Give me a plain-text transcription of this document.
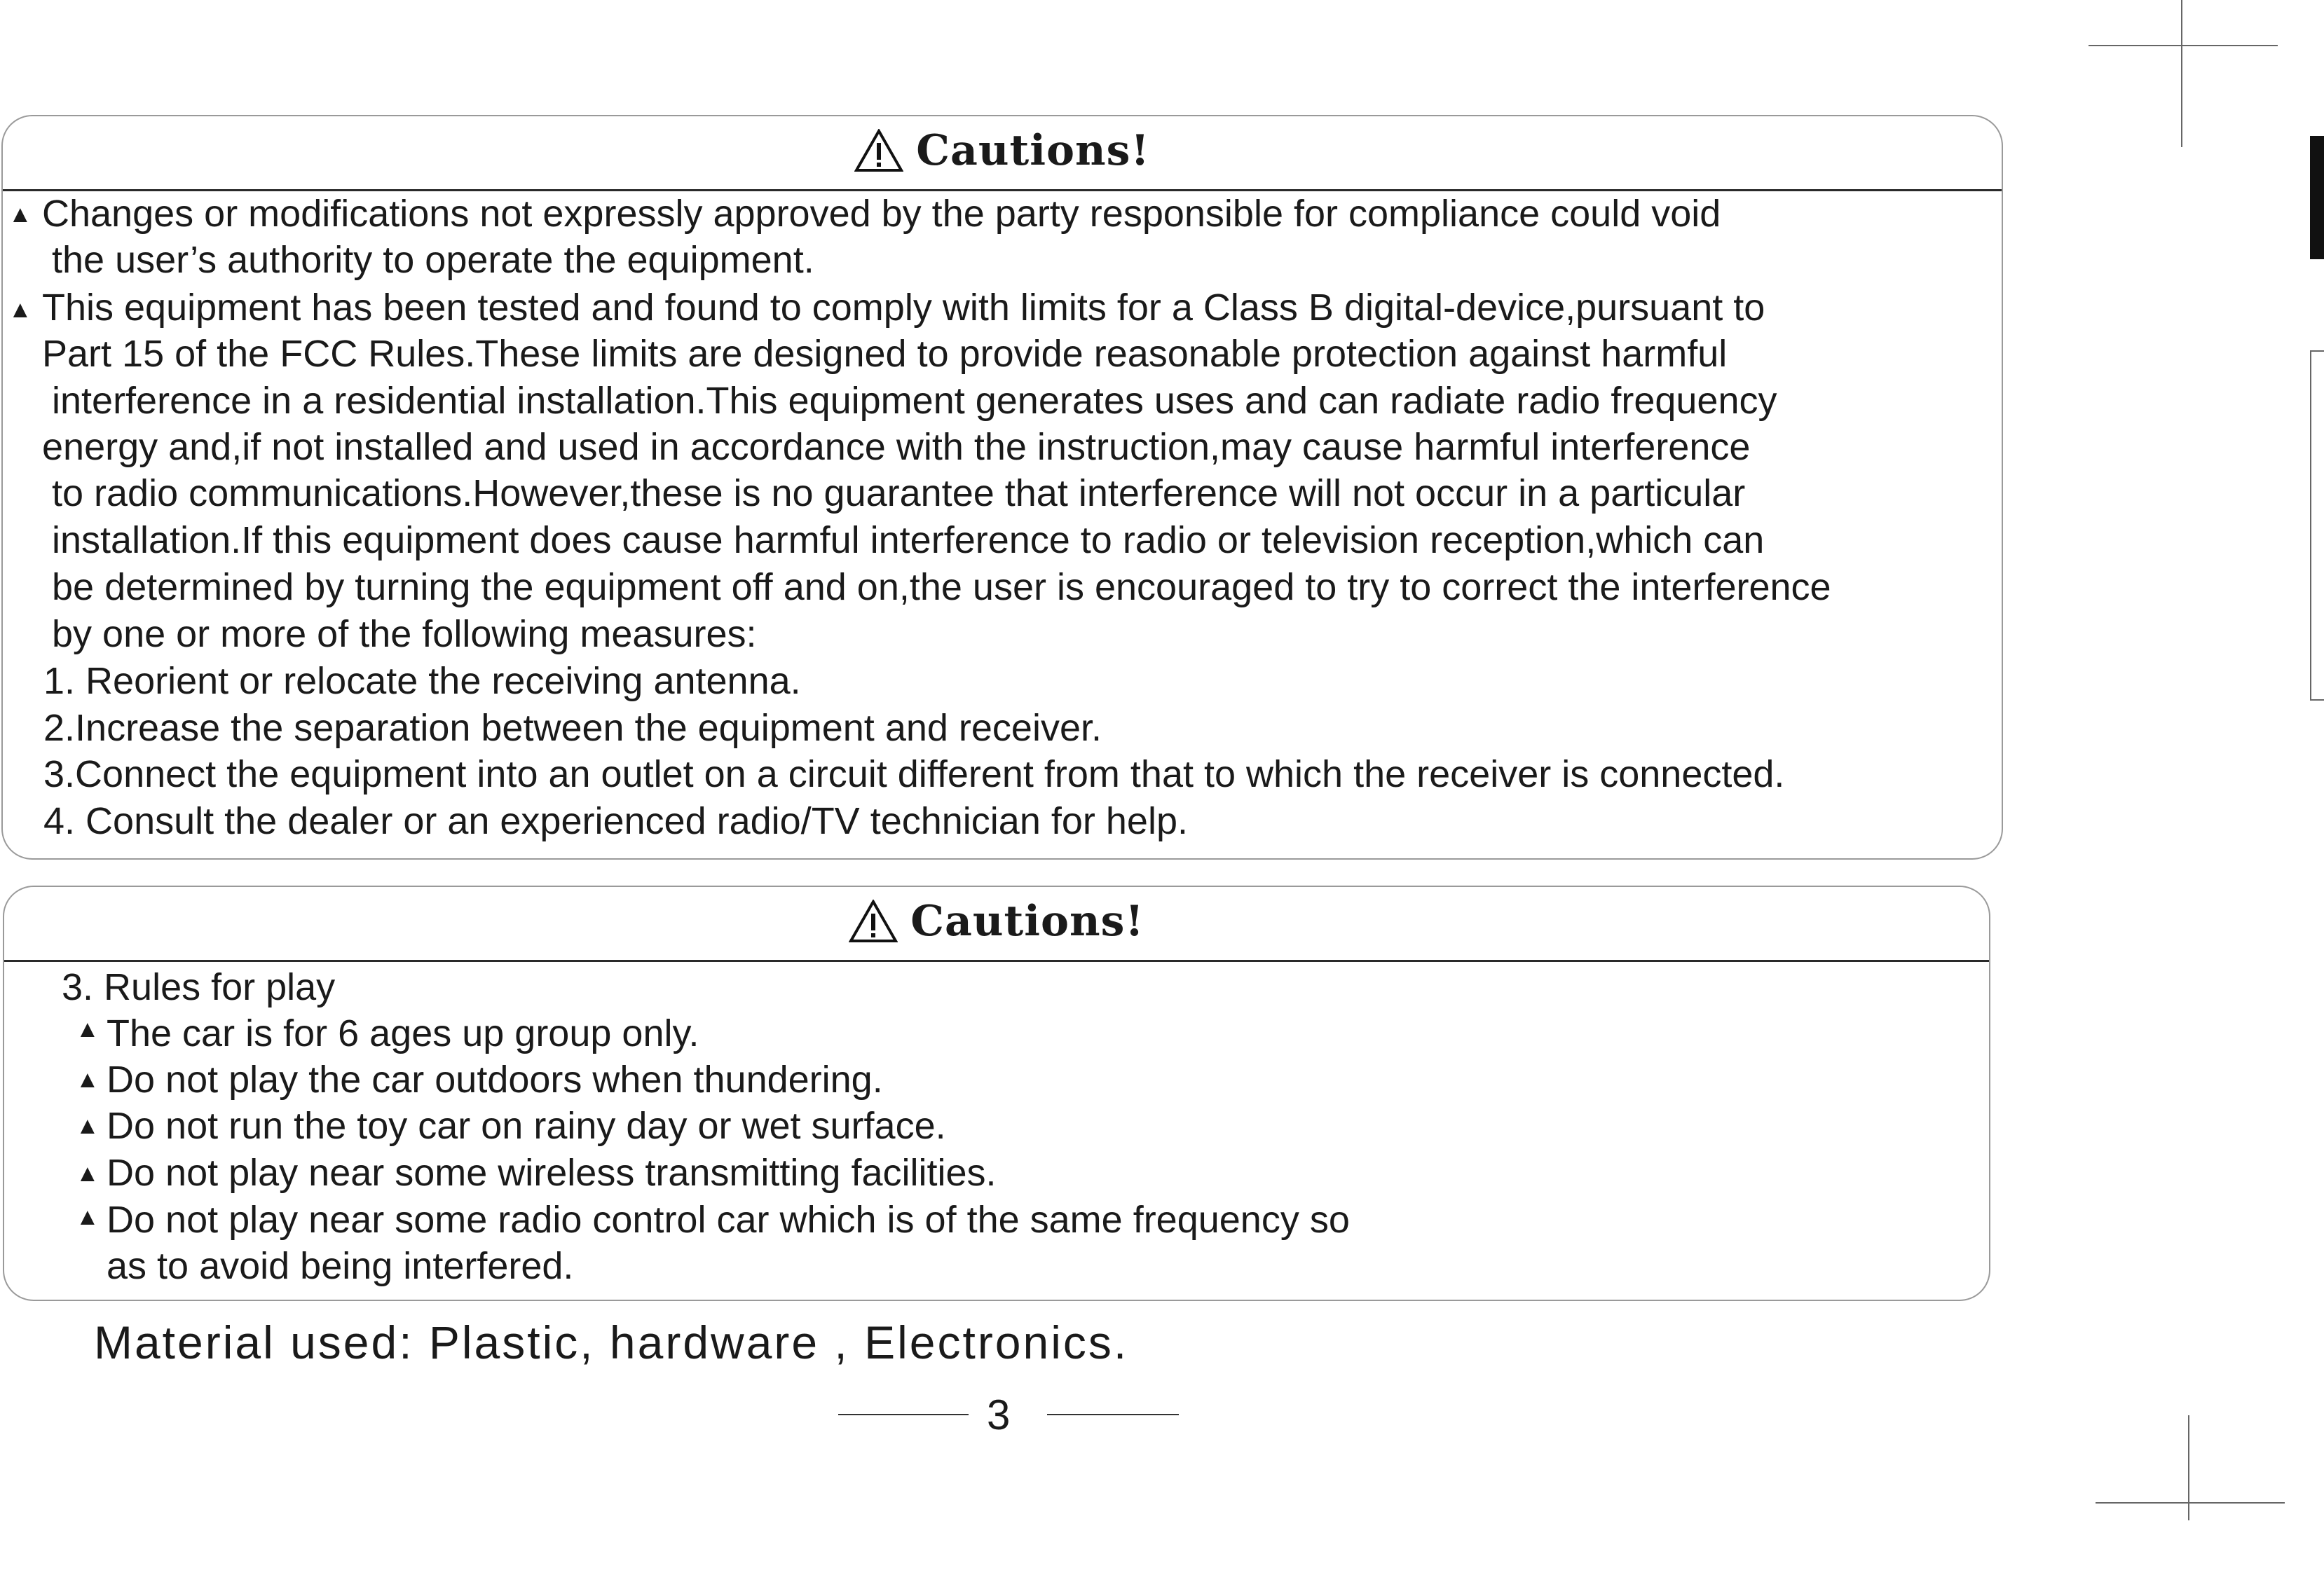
Cautions!
▲
▲
Changes or modifications not expressly approved by the party responsible for compliance could void
the user’s authority to operate the equipment.
This equipment has been tested and found to comply with limits for a Class B digital-device,pursuant to
Part 15 of the FCC Rules.These limits are designed to provide reasonable protection against harmful
interference in a residential installation.This equipment generates uses and can radiate radio frequency
energy and,if not installed and used in accordance with the instruction,may cause harmful interference
to radio communications.However,these is no guarantee that interference will not occur in a particular
installation.If this equipment does cause harmful interference to radio or television reception,which can
be determined by turning the equipment off and on,the user is encouraged to try to correct the interference
by one or more of the following measures:
1. Reorient or relocate the receiving antenna.
2.Increase the separation between the equipment and receiver.
3.Connect the equipment into an outlet on a circuit different from that to which the receiver is connected.
4. Consult the dealer or an experienced radio/TV technician for help.
Cautions!
3. Rules for play
▲
▲
▲
▲
▲
The car is for 6 ages up group only.
Do not play the car outdoors when thundering.
Do not run the toy car on rainy day or wet surface.
Do not play near some wireless transmitting facilities.
Do not play near some radio control car which is of the same frequency so
as to avoid being interfered.
Material used: Plastic, hardware , Electronics.
3
